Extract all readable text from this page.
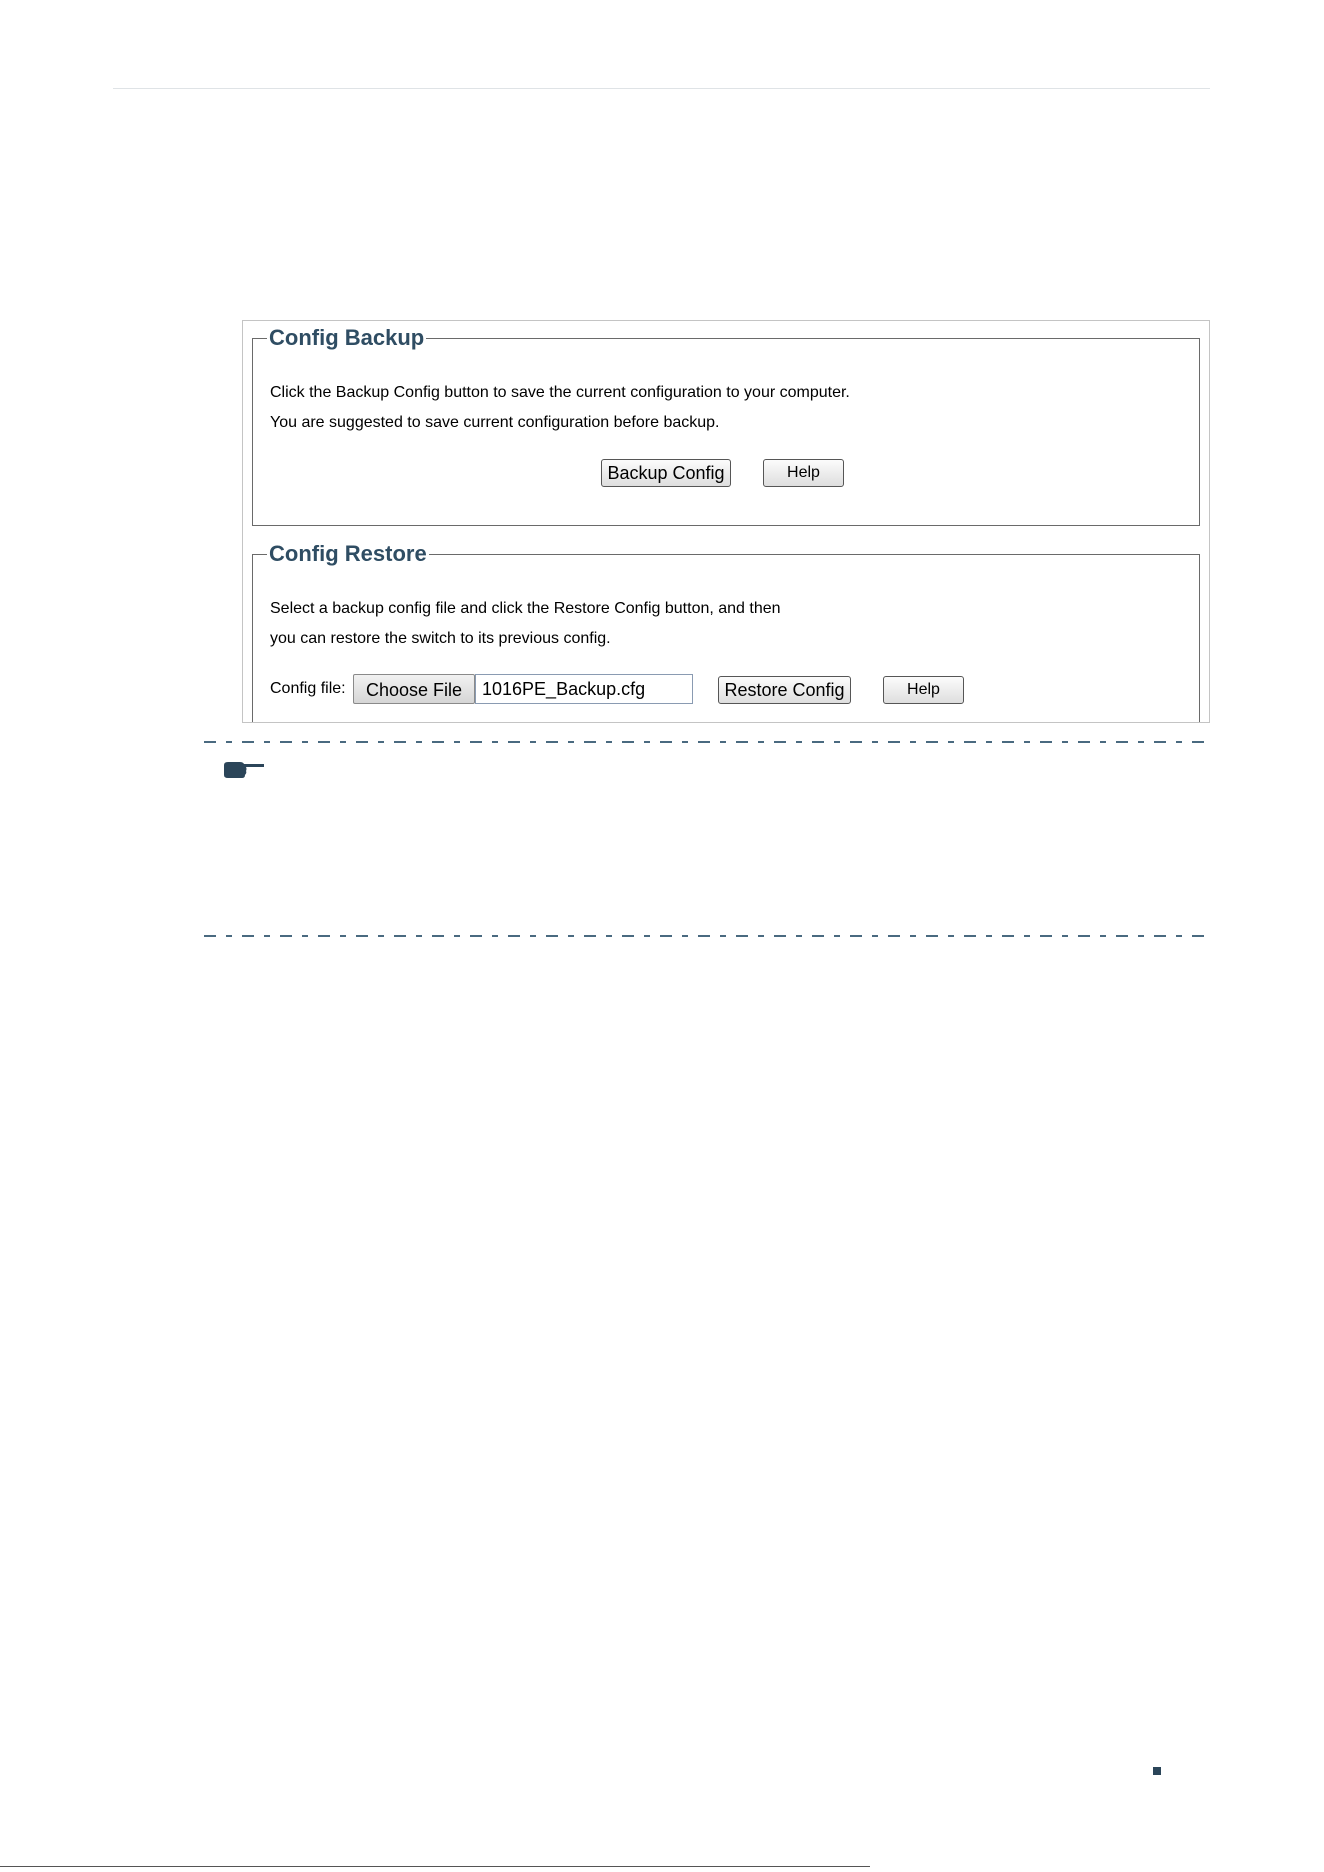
Config Backup
Click the Backup Config button to save the current configuration to your computer.
You are suggested to save current configuration before backup.
Backup Config	Help
Config Restore
Select a backup config file and click the Restore Config button, and then
you can restore the switch to its previous config.
Config file:	Choose File	1016PE_Backup.cfg	Restore Config	Help
